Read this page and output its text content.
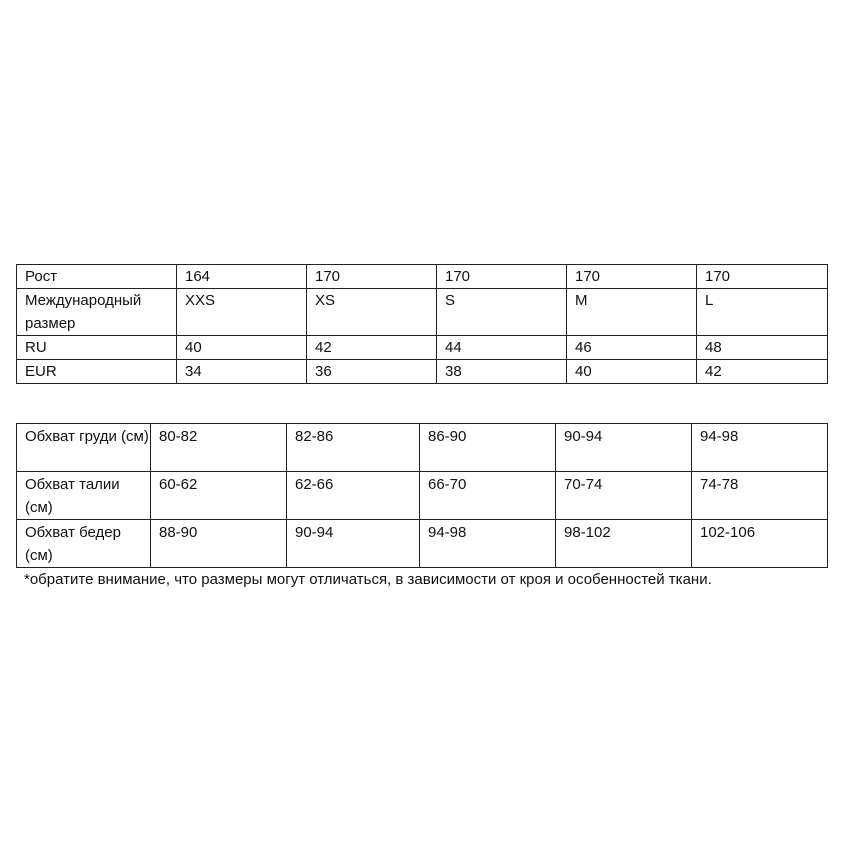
Рост	164	170	170	170	170
Международный размер	XXS	XS	S	M	L
RU	40	42	44	46	48
EUR	34	36	38	40	42
Обхват груди (см)	80-82	82-86	86-90	90-94	94-98
Обхват талии (см)	60-62	62-66	66-70	70-74	74-78
Обхват бедер (см)	88-90	90-94	94-98	98-102	102-106
*обратите внимание, что размеры могут отличаться, в зависимости от кроя и особенностей ткани.
